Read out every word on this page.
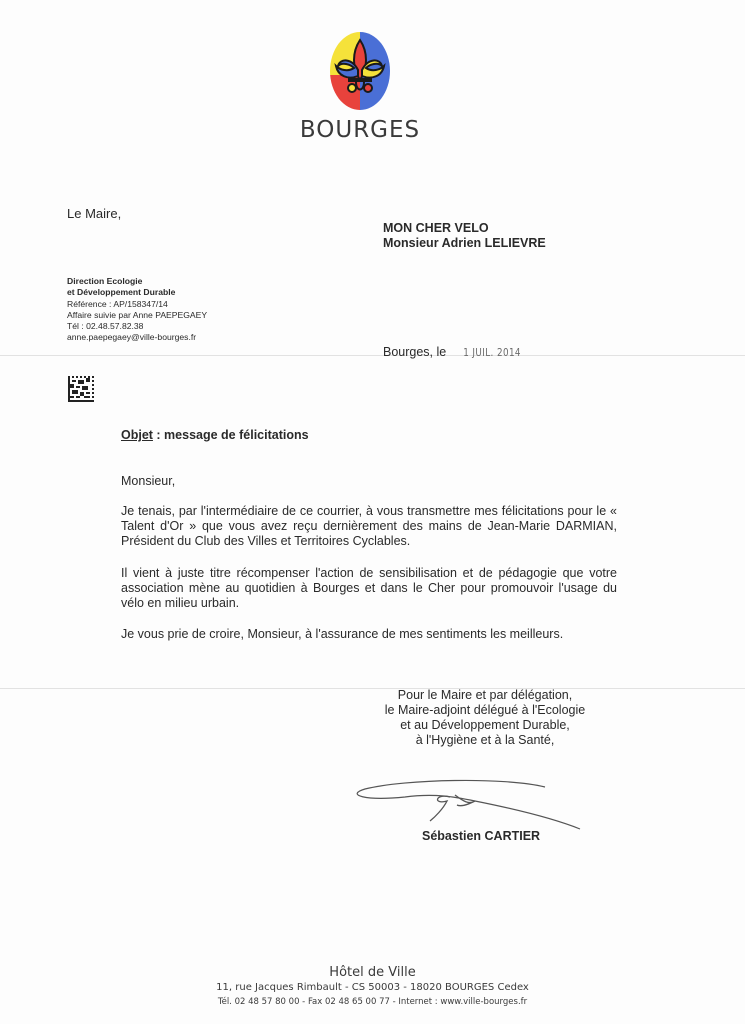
BOURGES
Le Maire,
MON CHER VELO
Monsieur Adrien LELIEVRE
Direction Ecologie
et Développement Durable
Référence : AP/158347/14
Affaire suivie par Anne PAEPEGAEY
Tél : 02.48.57.82.38
anne.paepegaey@ville-bourges.fr
Bourges, le 1 JUIL. 2014
Objet : message de félicitations
Monsieur,
Je tenais, par l'intermédiaire de ce courrier, à vous transmettre mes félicitations pour le « Talent d'Or » que vous avez reçu dernièrement des mains de Jean-Marie DARMIAN, Président du Club des Villes et Territoires Cyclables.
Il vient à juste titre récompenser l'action de sensibilisation et de pédagogie que votre association mène au quotidien à Bourges et dans le Cher pour promouvoir l'usage du vélo en milieu urbain.
Je vous prie de croire, Monsieur, à l'assurance de mes sentiments les meilleurs.
Pour le Maire et par délégation,
le Maire-adjoint délégué à l'Ecologie
et au Développement Durable,
à l'Hygiène et à la Santé,
Sébastien CARTIER
Hôtel de Ville
11, rue Jacques Rimbault - CS 50003 - 18020 BOURGES Cedex
Tél. 02 48 57 80 00 - Fax 02 48 65 00 77 - Internet : www.ville-bourges.fr
